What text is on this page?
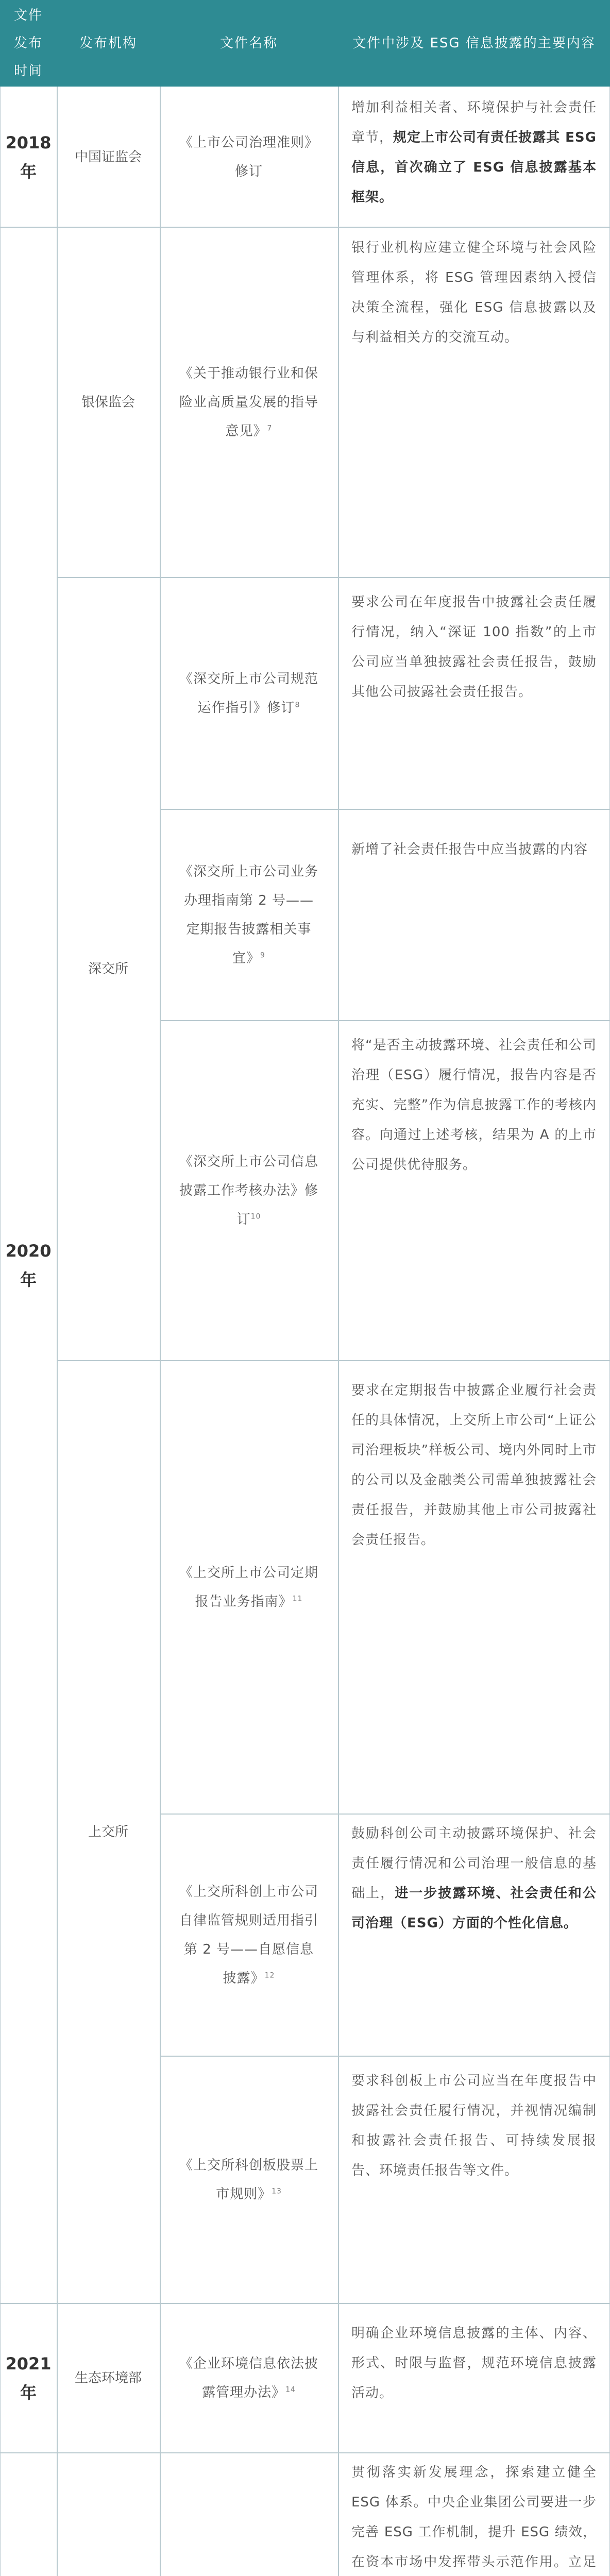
文件发布时间
发布机构	文件名称	文件中涉及 ESG 信息披露的主要内容
2018 年
中国证监会
《上市公司治理准则》修订
增加利益相关者、环境保护与社会责任章节，规定上市公司有责任披露其 ESG 信息，首次确立了 ESG 信息披露基本框架。
2020 年
银保监会
《关于推动银行业和保险业高质量发展的指导意见》$^7$
银行业机构应建立健全环境与社会风险管理体系，将 ESG 管理因素纳入授信决策全流程，强化 ESG 信息披露以及与利益相关方的交流互动。
深交所
《深交所上市公司规范运作指引》修订$^8$
要求公司在年度报告中披露社会责任履行情况，纳入“深证 100 指数”的上市公司应当单独披露社会责任报告，鼓励其他公司披露社会责任报告。
《深交所上市公司业务办理指南第 2 号——定期报告披露相关事宜》$^9$
新增了社会责任报告中应当披露的内容
《深交所上市公司信息披露工作考核办法》修订$^{10}$
将“是否主动披露环境、社会责任和公司治理（ESG）履行情况，报告内容是否充实、完整”作为信息披露工作的考核内容。向通过上述考核，结果为 A 的上市公司提供优待服务。
上交所
《上交所上市公司定期报告业务指南》$^{11}$
要求在定期报告中披露企业履行社会责任的具体情况，上交所上市公司“上证公司治理板块”样板公司、境内外同时上市的公司以及金融类公司需单独披露社会责任报告，并鼓励其他上市公司披露社会责任报告。
《上交所科创上市公司自律监管规则适用指引第 2 号——自愿信息披露》$^{12}$
鼓励科创公司主动披露环境保护、社会责任履行情况和公司治理一般信息的基础上，进一步披露环境、社会责任和公司治理（ESG）方面的个性化信息。
《上交所科创板股票上市规则》$^{13}$
要求科创板上市公司应当在年度报告中披露社会责任履行情况，并视情况编制和披露社会责任报告、可持续发展报告、环境责任报告等文件。
2021 年
生态环境部
《企业环境信息依法披露管理办法》$^{14}$
明确企业环境信息披露的主体、内容、形式、时限与监督，规范环境信息披露活动。
贯彻落实新发展理念，探索建立健全 ESG 体系。中央企业集团公司要进一步完善 ESG 工作机制，提升 ESG 绩效，在资本市场中发挥带头示范作用。立足
